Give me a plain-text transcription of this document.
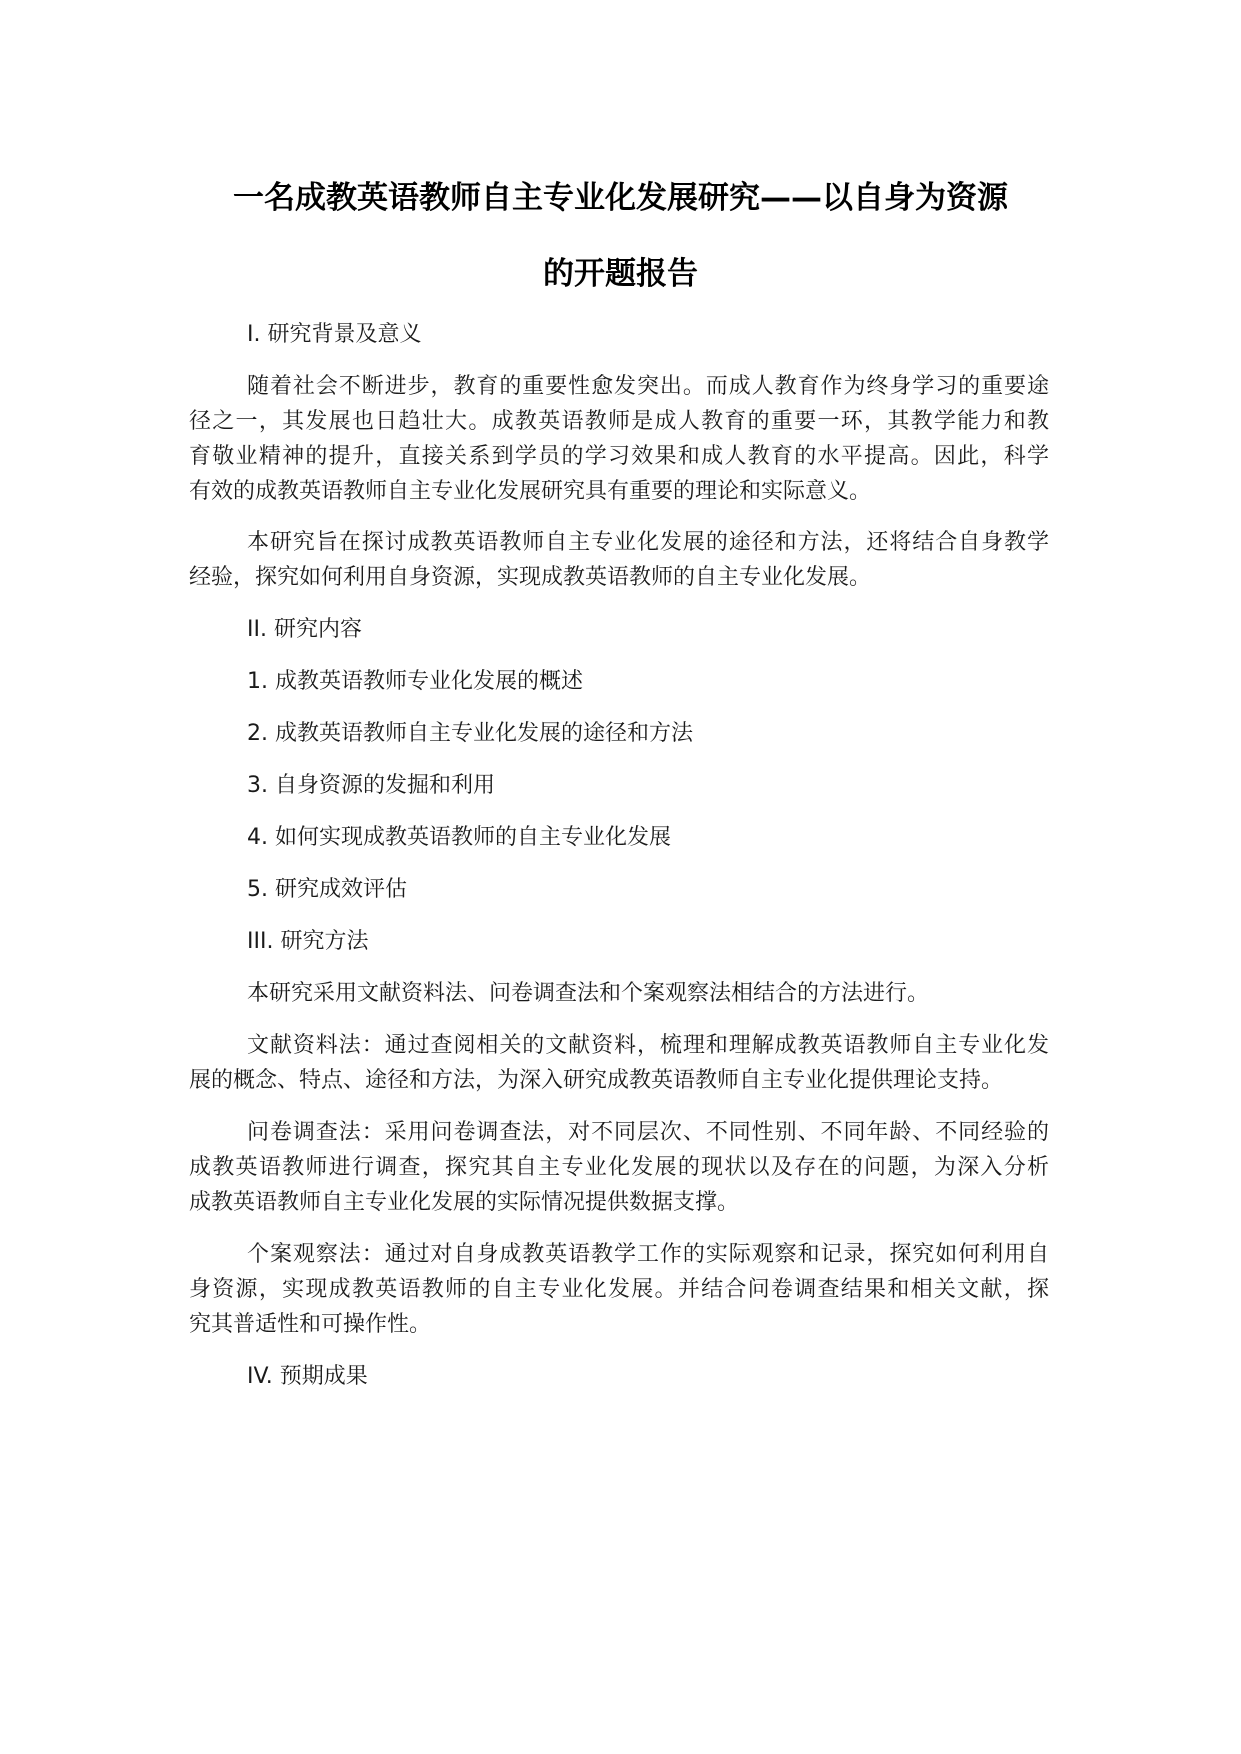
一名成教英语教师自主专业化发展研究——以自身为资源
的开题报告

I. 研究背景及意义

随着社会不断进步，教育的重要性愈发突出。而成人教育作为终身学习的重要途

径之一，其发展也日趋壮大。成教英语教师是成人教育的重要一环，其教学能力和教

育敬业精神的提升，直接关系到学员的学习效果和成人教育的水平提高。因此，科学

有效的成教英语教师自主专业化发展研究具有重要的理论和实际意义。

本研究旨在探讨成教英语教师自主专业化发展的途径和方法，还将结合自身教学

经验，探究如何利用自身资源，实现成教英语教师的自主专业化发展。

II. 研究内容

1. 成教英语教师专业化发展的概述

2. 成教英语教师自主专业化发展的途径和方法

3. 自身资源的发掘和利用

4. 如何实现成教英语教师的自主专业化发展

5. 研究成效评估

III. 研究方法

本研究采用文献资料法、问卷调查法和个案观察法相结合的方法进行。

文献资料法：通过查阅相关的文献资料，梳理和理解成教英语教师自主专业化发

展的概念、特点、途径和方法，为深入研究成教英语教师自主专业化提供理论支持。

问卷调查法：采用问卷调查法，对不同层次、不同性别、不同年龄、不同经验的

成教英语教师进行调查，探究其自主专业化发展的现状以及存在的问题，为深入分析

成教英语教师自主专业化发展的实际情况提供数据支撑。

个案观察法：通过对自身成教英语教学工作的实际观察和记录，探究如何利用自

身资源，实现成教英语教师的自主专业化发展。并结合问卷调查结果和相关文献，探

究其普适性和可操作性。

IV. 预期成果
